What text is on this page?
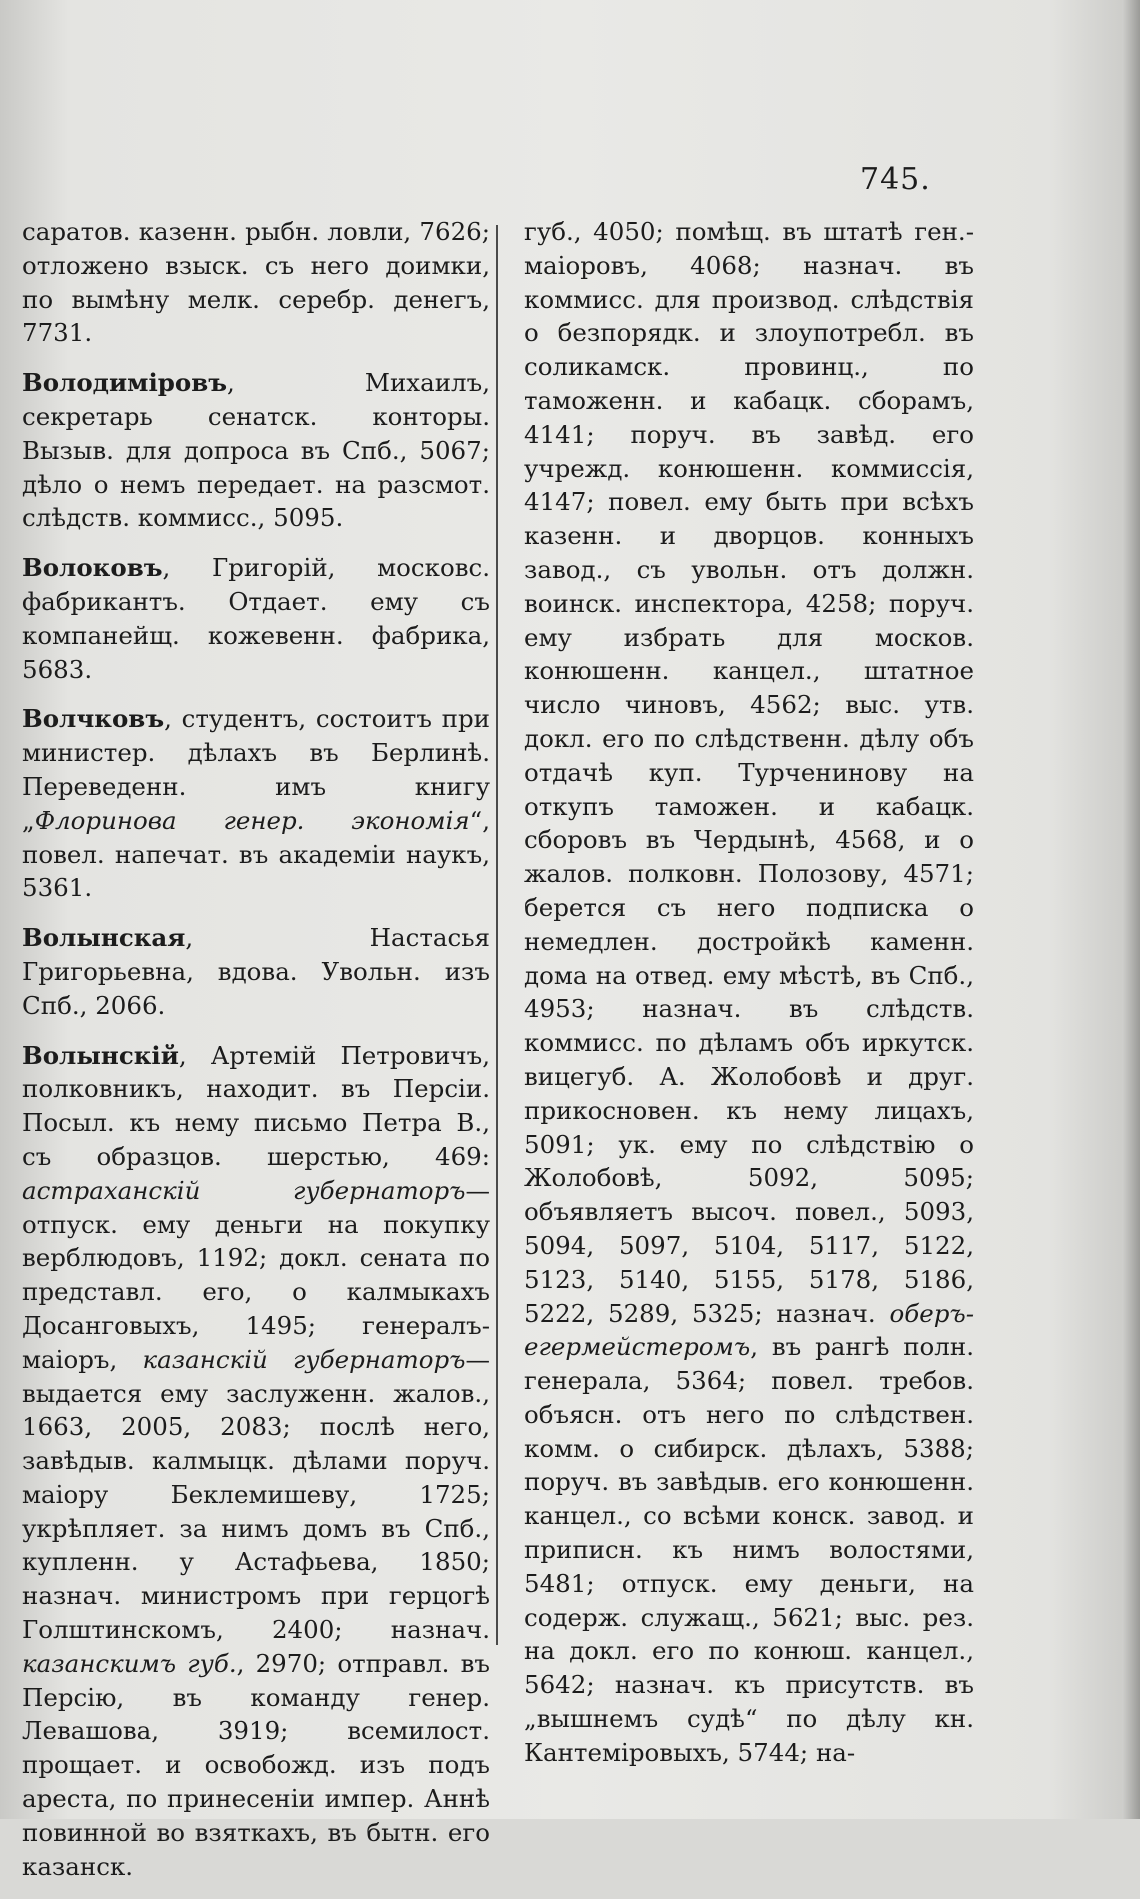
745.

саратов. казенн. рыбн. ловли, 7626; отложено взыск. съ него доимки, по вымѣну мелк. серебр. денегъ, 7731.

Володиміровъ, Михаилъ, секретарь сенатск. конторы. Вызыв. для допроса въ Спб., 5067; дѣло о немъ передает. на разсмот. слѣдств. коммисс., 5095.

Волоковъ, Григорій, московс. фабрикантъ. Отдает. ему съ компанейщ. кожевенн. фабрика, 5683.

Волчковъ, студентъ, состоитъ при министер. дѣлахъ въ Берлинѣ. Переведенн. имъ книгу „Флоринова генер. экономія“, повел. напечат. въ академіи наукъ, 5361.

Волынская, Настасья Григорьевна, вдова. Увольн. изъ Спб., 2066.

Волынскій, Артемій Петровичъ, полковникъ, находит. въ Персіи. Посыл. къ нему письмо Петра В., съ образцов. шерстью, 469: астраханскій губернаторъ—отпуск. ему деньги на покупку верблюдовъ, 1192; докл. сената по представл. его, о калмыкахъ Досанговыхъ, 1495; генералъ-маіоръ, казанскій губернаторъ—выдается ему заслуженн. жалов., 1663, 2005, 2083; послѣ него, завѣдыв. калмыцк. дѣлами поруч. маіору Беклемишеву, 1725; укрѣпляет. за нимъ домъ въ Спб., купленн. у Астафьева, 1850; назнач. министромъ при герцогѣ Голштинскомъ, 2400; назнач. казанскимъ губ., 2970; отправл. въ Персію, въ команду генер. Левашова, 3919; всемилост. прощает. и освобожд. изъ подъ ареста, по принесеніи импер. Аннѣ повинной во взяткахъ, въ бытн. его казанск.

губ., 4050; помѣщ. въ штатѣ ген.-маіоровъ, 4068; назнач. въ коммисс. для производ. слѣдствія о безпорядк. и злоупотребл. въ соликамск. провинц., по таможенн. и кабацк. сборамъ, 4141; поруч. въ завѣд. его учрежд. конюшенн. коммиссія, 4147; повел. ему быть при всѣхъ казенн. и дворцов. конныхъ завод., съ увольн. отъ должн. воинск. инспектора, 4258; поруч. ему избрать для москов. конюшенн. канцел., штатное число чиновъ, 4562; выс. утв. докл. его по слѣдственн. дѣлу объ отдачѣ куп. Турченинову на откупъ таможен. и кабацк. сборовъ въ Чердынѣ, 4568, и о жалов. полковн. Полозову, 4571; берется съ него подписка о немедлен. достройкѣ каменн. дома на отвед. ему мѣстѣ, въ Спб., 4953; назнач. въ слѣдств. коммисс. по дѣламъ объ иркутск. вицегуб. А. Жолобовѣ и друг. прикосновен. къ нему лицахъ, 5091; ук. ему по слѣдствію о Жолобовѣ, 5092, 5095; объявляетъ высоч. повел., 5093, 5094, 5097, 5104, 5117, 5122, 5123, 5140, 5155, 5178, 5186, 5222, 5289, 5325; назнач. оберъ-егермейстеромъ, въ рангѣ полн. генерала, 5364; повел. требов. объясн. отъ него по слѣдствен. комм. о сибирск. дѣлахъ, 5388; поруч. въ завѣдыв. его конюшенн. канцел., со всѣми конск. завод. и приписн. къ нимъ волостями, 5481; отпуск. ему деньги, на содерж. служащ., 5621; выс. рез. на докл. его по конюш. канцел., 5642; назнач. къ присутств. въ „вышнемъ судѣ“ по дѣлу кн. Кантеміровыхъ, 5744; на-
